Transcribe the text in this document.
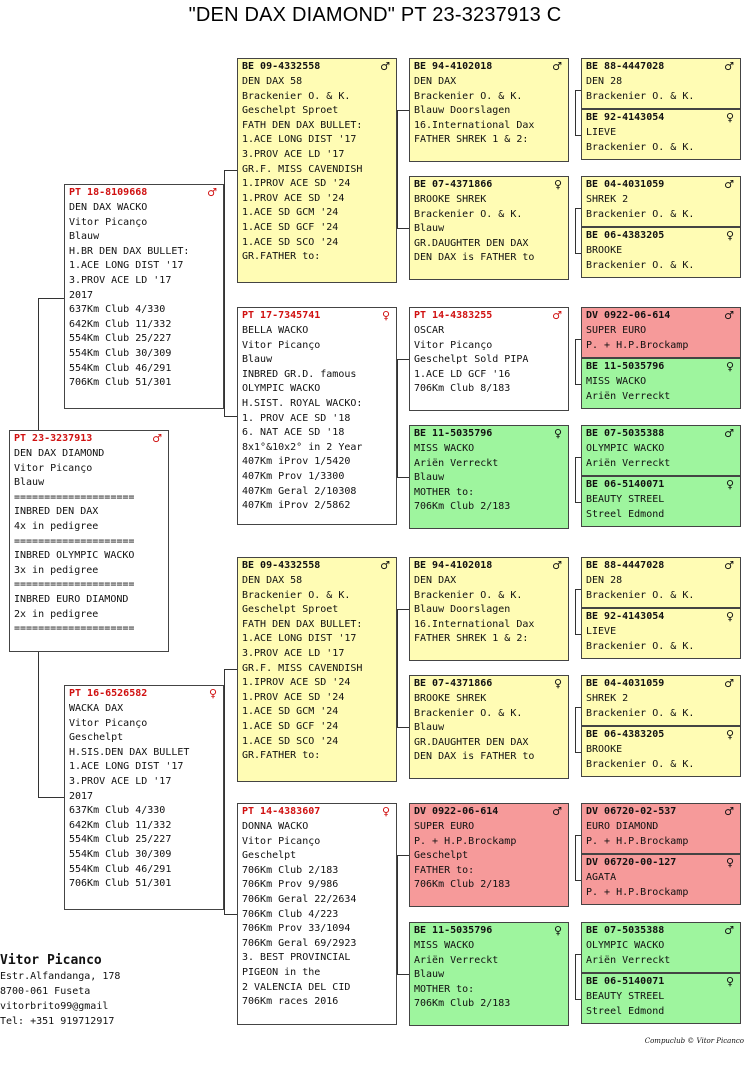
"DEN DAX DIAMOND" PT 23-3237913 C
PT 23-3237913	♂
DEN DAX DIAMOND
Vitor Picanço
Blauw
====================
INBRED DEN DAX
4x in pedigree
====================
INBRED OLYMPIC WACKO
3x in pedigree
====================
INBRED EURO DIAMOND
2x in pedigree
====================
PT 18-8109668	♂
DEN DAX WACKO
Vitor Picanço
Blauw
H.BR DEN DAX BULLET:
1.ACE LONG DIST '17
3.PROV ACE LD '17
2017
637Km Club 4/330
642Km Club 11/332
554Km Club 25/227
554Km Club 30/309
554Km Club 46/291
706Km Club 51/301
PT 16-6526582	♀
WACKA DAX
Vitor Picanço
Geschelpt
H.SIS.DEN DAX BULLET
1.ACE LONG DIST '17
3.PROV ACE LD '17
2017
637Km Club 4/330
642Km Club 11/332
554Km Club 25/227
554Km Club 30/309
554Km Club 46/291
706Km Club 51/301
BE 09-4332558	♂
DEN DAX 58
Brackenier O. & K.
Geschelpt Sproet
FATH DEN DAX BULLET:
1.ACE LONG DIST '17
3.PROV ACE LD '17
GR.F. MISS CAVENDISH
1.IPROV ACE SD '24
1.PROV ACE SD '24
1.ACE SD GCM '24
1.ACE SD GCF '24
1.ACE SD SCO '24
GR.FATHER to:
PT 17-7345741	♀
BELLA WACKO
Vitor Picanço
Blauw
INBRED GR.D. famous
OLYMPIC WACKO
H.SIST. ROYAL WACKO:
1. PROV ACE SD '18
6. NAT ACE SD '18
8x1°&10x2° in 2 Year
407Km iProv 1/5420
407Km Prov 1/3300
407Km Geral 2/10308
407Km iProv 2/5862
BE 09-4332558	♂
DEN DAX 58
Brackenier O. & K.
Geschelpt Sproet
FATH DEN DAX BULLET:
1.ACE LONG DIST '17
3.PROV ACE LD '17
GR.F. MISS CAVENDISH
1.IPROV ACE SD '24
1.PROV ACE SD '24
1.ACE SD GCM '24
1.ACE SD GCF '24
1.ACE SD SCO '24
GR.FATHER to:
PT 14-4383607	♀
DONNA WACKO
Vitor Picanço
Geschelpt
706Km Club 2/183
706Km Prov 9/986
706Km Geral 22/2634
706Km Club 4/223
706Km Prov 33/1094
706Km Geral 69/2923
3. BEST PROVINCIAL
PIGEON in the
2 VALENCIA DEL CID
706Km races 2016
BE 94-4102018	♂
DEN DAX
Brackenier O. & K.
Blauw Doorslagen
16.International Dax
FATHER SHREK 1 & 2:
BE 07-4371866	♀
BROOKE SHREK
Brackenier O. & K.
Blauw
GR.DAUGHTER DEN DAX
DEN DAX is FATHER to
PT 14-4383255	♂
OSCAR
Vitor Picanço
Geschelpt Sold PIPA
1.ACE LD GCF '16
706Km Club 8/183
BE 11-5035796	♀
MISS WACKO
Ariën Verreckt
Blauw
MOTHER to:
706Km Club 2/183
BE 94-4102018	♂
DEN DAX
Brackenier O. & K.
Blauw Doorslagen
16.International Dax
FATHER SHREK 1 & 2:
BE 07-4371866	♀
BROOKE SHREK
Brackenier O. & K.
Blauw
GR.DAUGHTER DEN DAX
DEN DAX is FATHER to
DV 0922-06-614	♂
SUPER EURO
P. + H.P.Brockamp
Geschelpt
FATHER to:
706Km Club 2/183
BE 11-5035796	♀
MISS WACKO
Ariën Verreckt
Blauw
MOTHER to:
706Km Club 2/183
BE 88-4447028	♂
DEN 28
Brackenier O. & K.
BE 92-4143054	♀
LIEVE
Brackenier O. & K.
BE 04-4031059	♂
SHREK 2
Brackenier O. & K.
BE 06-4383205	♀
BROOKE
Brackenier O. & K.
DV 0922-06-614	♂
SUPER EURO
P. + H.P.Brockamp
BE 11-5035796	♀
MISS WACKO
Ariën Verreckt
BE 07-5035388	♂
OLYMPIC WACKO
Ariën Verreckt
BE 06-5140071	♀
BEAUTY STREEL
Streel Edmond
BE 88-4447028	♂
DEN 28
Brackenier O. & K.
BE 92-4143054	♀
LIEVE
Brackenier O. & K.
BE 04-4031059	♂
SHREK 2
Brackenier O. & K.
BE 06-4383205	♀
BROOKE
Brackenier O. & K.
DV 06720-02-537	♂
EURO DIAMOND
P. + H.P.Brockamp
DV 06720-00-127	♀
AGATA
P. + H.P.Brockamp
BE 07-5035388	♂
OLYMPIC WACKO
Ariën Verreckt
BE 06-5140071	♀
BEAUTY STREEL
Streel Edmond
Vitor Picanco
Estr.Alfandanga, 178
8700-061 Fuseta
vitorbrito99@gmail
Tel: +351 919712917
Compuclub © Vitor Picanco
